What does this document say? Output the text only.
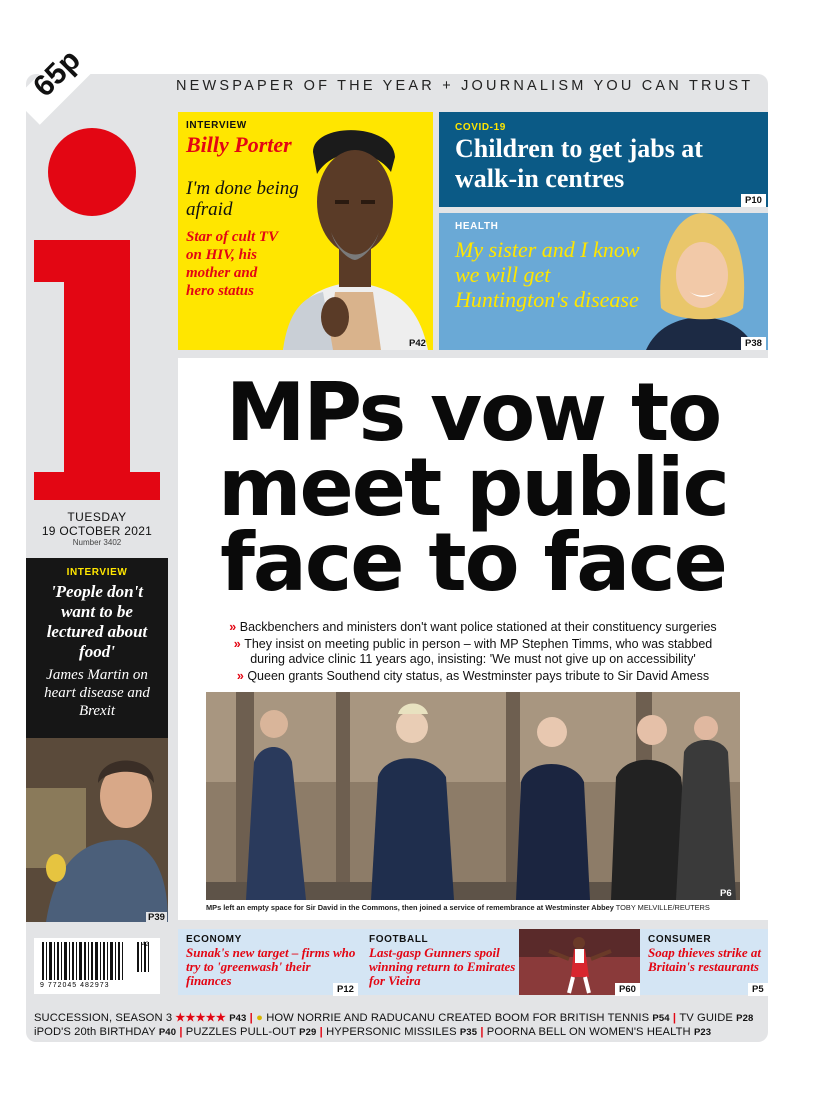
65p	NEWSPAPER OF THE YEAR + JOURNALISM YOU CAN TRUST
TUESDAY
19 OCTOBER 2021
Number 3402
INTERVIEW
Billy Porter
I'm done being afraid
Star of cult TV on HIV, his mother and hero status
P42
COVID-19
Children to get jabs at walk-in centres
P10
HEALTH
My sister and I know we will get Huntington's disease
P38
MPs vow to
meet public
face to face
» Backbenchers and ministers don't want police stationed at their constituency surgeries
» They insist on meeting public in person – with MP Stephen Timms, who was stabbed during advice clinic 11 years ago, insisting: 'We must not give up on accessibility'
» Queen grants Southend city status, as Westminster pays tribute to Sir David Amess
P6
MPs left an empty space for Sir David in the Commons, then joined a service of remembrance at Westminster Abbey TOBY MELVILLE/REUTERS
INTERVIEW
'People don't want to be lectured about food'
James Martin on heart disease and Brexit
P39
42
9 772045 482973
ECONOMY
Sunak's new target – firms who try to 'greenwash' their finances
P12
FOOTBALL
Last-gasp Gunners spoil winning return to Emirates for Vieira
P60
CONSUMER
Soap thieves strike at Britain's restaurants
P5
SUCCESSION, SEASON 3 ★★★★★ P43 | ● HOW NORRIE AND RADUCANU CREATED BOOM FOR BRITISH TENNIS P54 | TV GUIDE P28
iPOD'S 20th BIRTHDAY P40 | PUZZLES PULL-OUT P29 | HYPERSONIC MISSILES P35 | POORNA BELL ON WOMEN'S HEALTH P23
